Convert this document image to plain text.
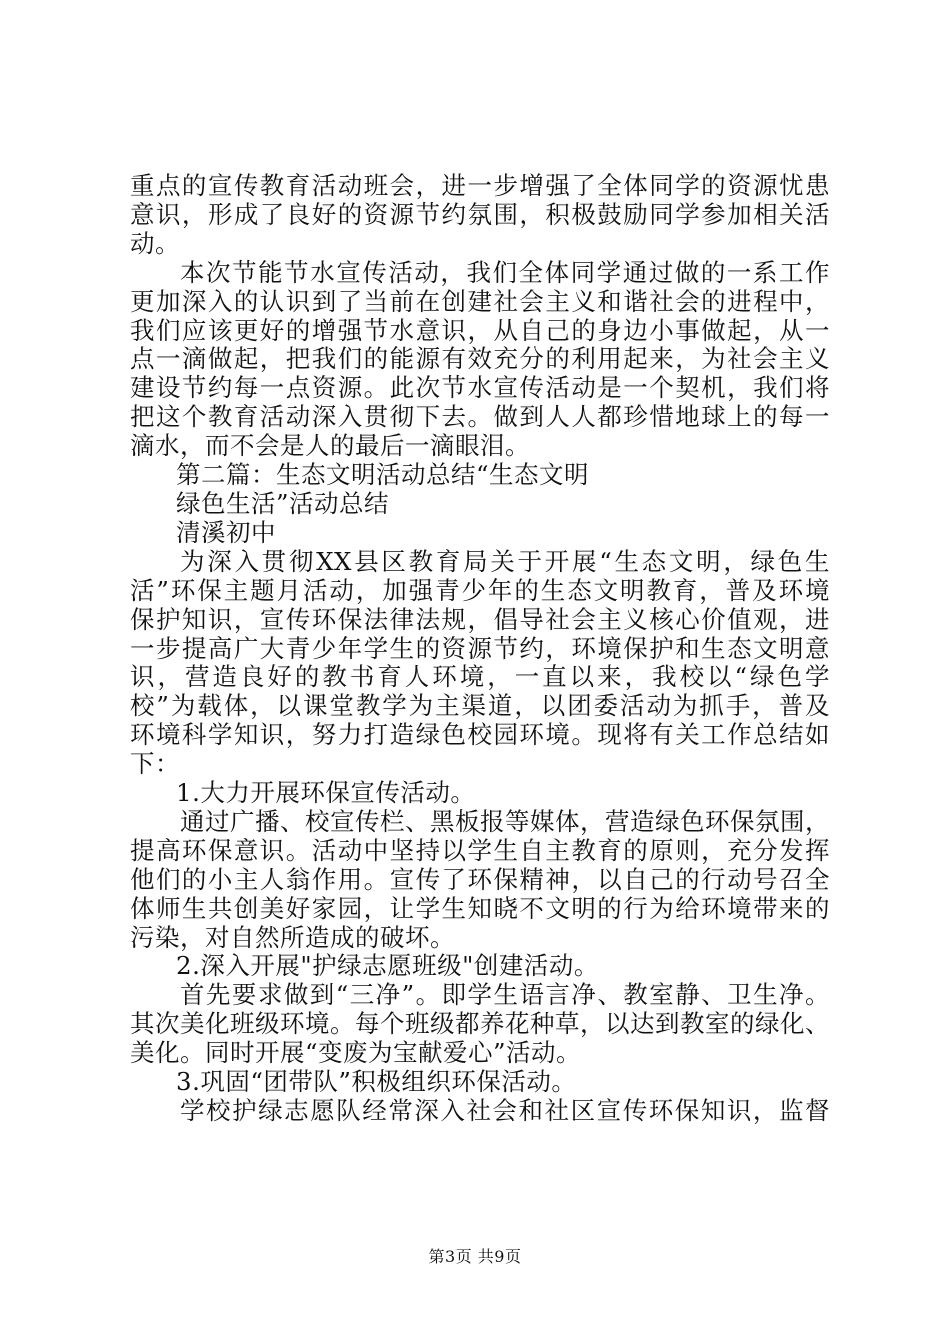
重点的宣传教育活动班会，进一步增强了全体同学的资源忧患
意识，形成了良好的资源节约氛围，积极鼓励同学参加相关活
动。
本次节能节水宣传活动，我们全体同学通过做的一系工作
更加深入的认识到了当前在创建社会主义和谐社会的进程中，
我们应该更好的增强节水意识，从自己的身边小事做起，从一
点一滴做起，把我们的能源有效充分的利用起来，为社会主义
建设节约每一点资源。此次节水宣传活动是一个契机，我们将
把这个教育活动深入贯彻下去。做到人人都珍惜地球上的每一
滴水，而不会是人的最后一滴眼泪。
第二篇：生态文明活动总结“生态文明
绿色生活”活动总结
清溪初中
为深入贯彻XX县区教育局关于开展“生态文明，绿色生
活”环保主题月活动，加强青少年的生态文明教育，普及环境
保护知识，宣传环保法律法规，倡导社会主义核心价值观，进
一步提高广大青少年学生的资源节约，环境保护和生态文明意
识，营造良好的教书育人环境，一直以来，我校以“绿色学
校”为载体，以课堂教学为主渠道，以团委活动为抓手，普及
环境科学知识，努力打造绿色校园环境。现将有关工作总结如
下：
1.大力开展环保宣传活动。
通过广播、校宣传栏、黑板报等媒体，营造绿色环保氛围，
提高环保意识。活动中坚持以学生自主教育的原则，充分发挥
他们的小主人翁作用。宣传了环保精神，以自己的行动号召全
体师生共创美好家园，让学生知晓不文明的行为给环境带来的
污染，对自然所造成的破坏。
2.深入开展"护绿志愿班级"创建活动。
首先要求做到“三净”。即学生语言净、教室静、卫生净。
其次美化班级环境。每个班级都养花种草，以达到教室的绿化、
美化。同时开展“变废为宝献爱心”活动。
3.巩固“团带队”积极组织环保活动。
学校护绿志愿队经常深入社会和社区宣传环保知识，监督
第3页 共9页
